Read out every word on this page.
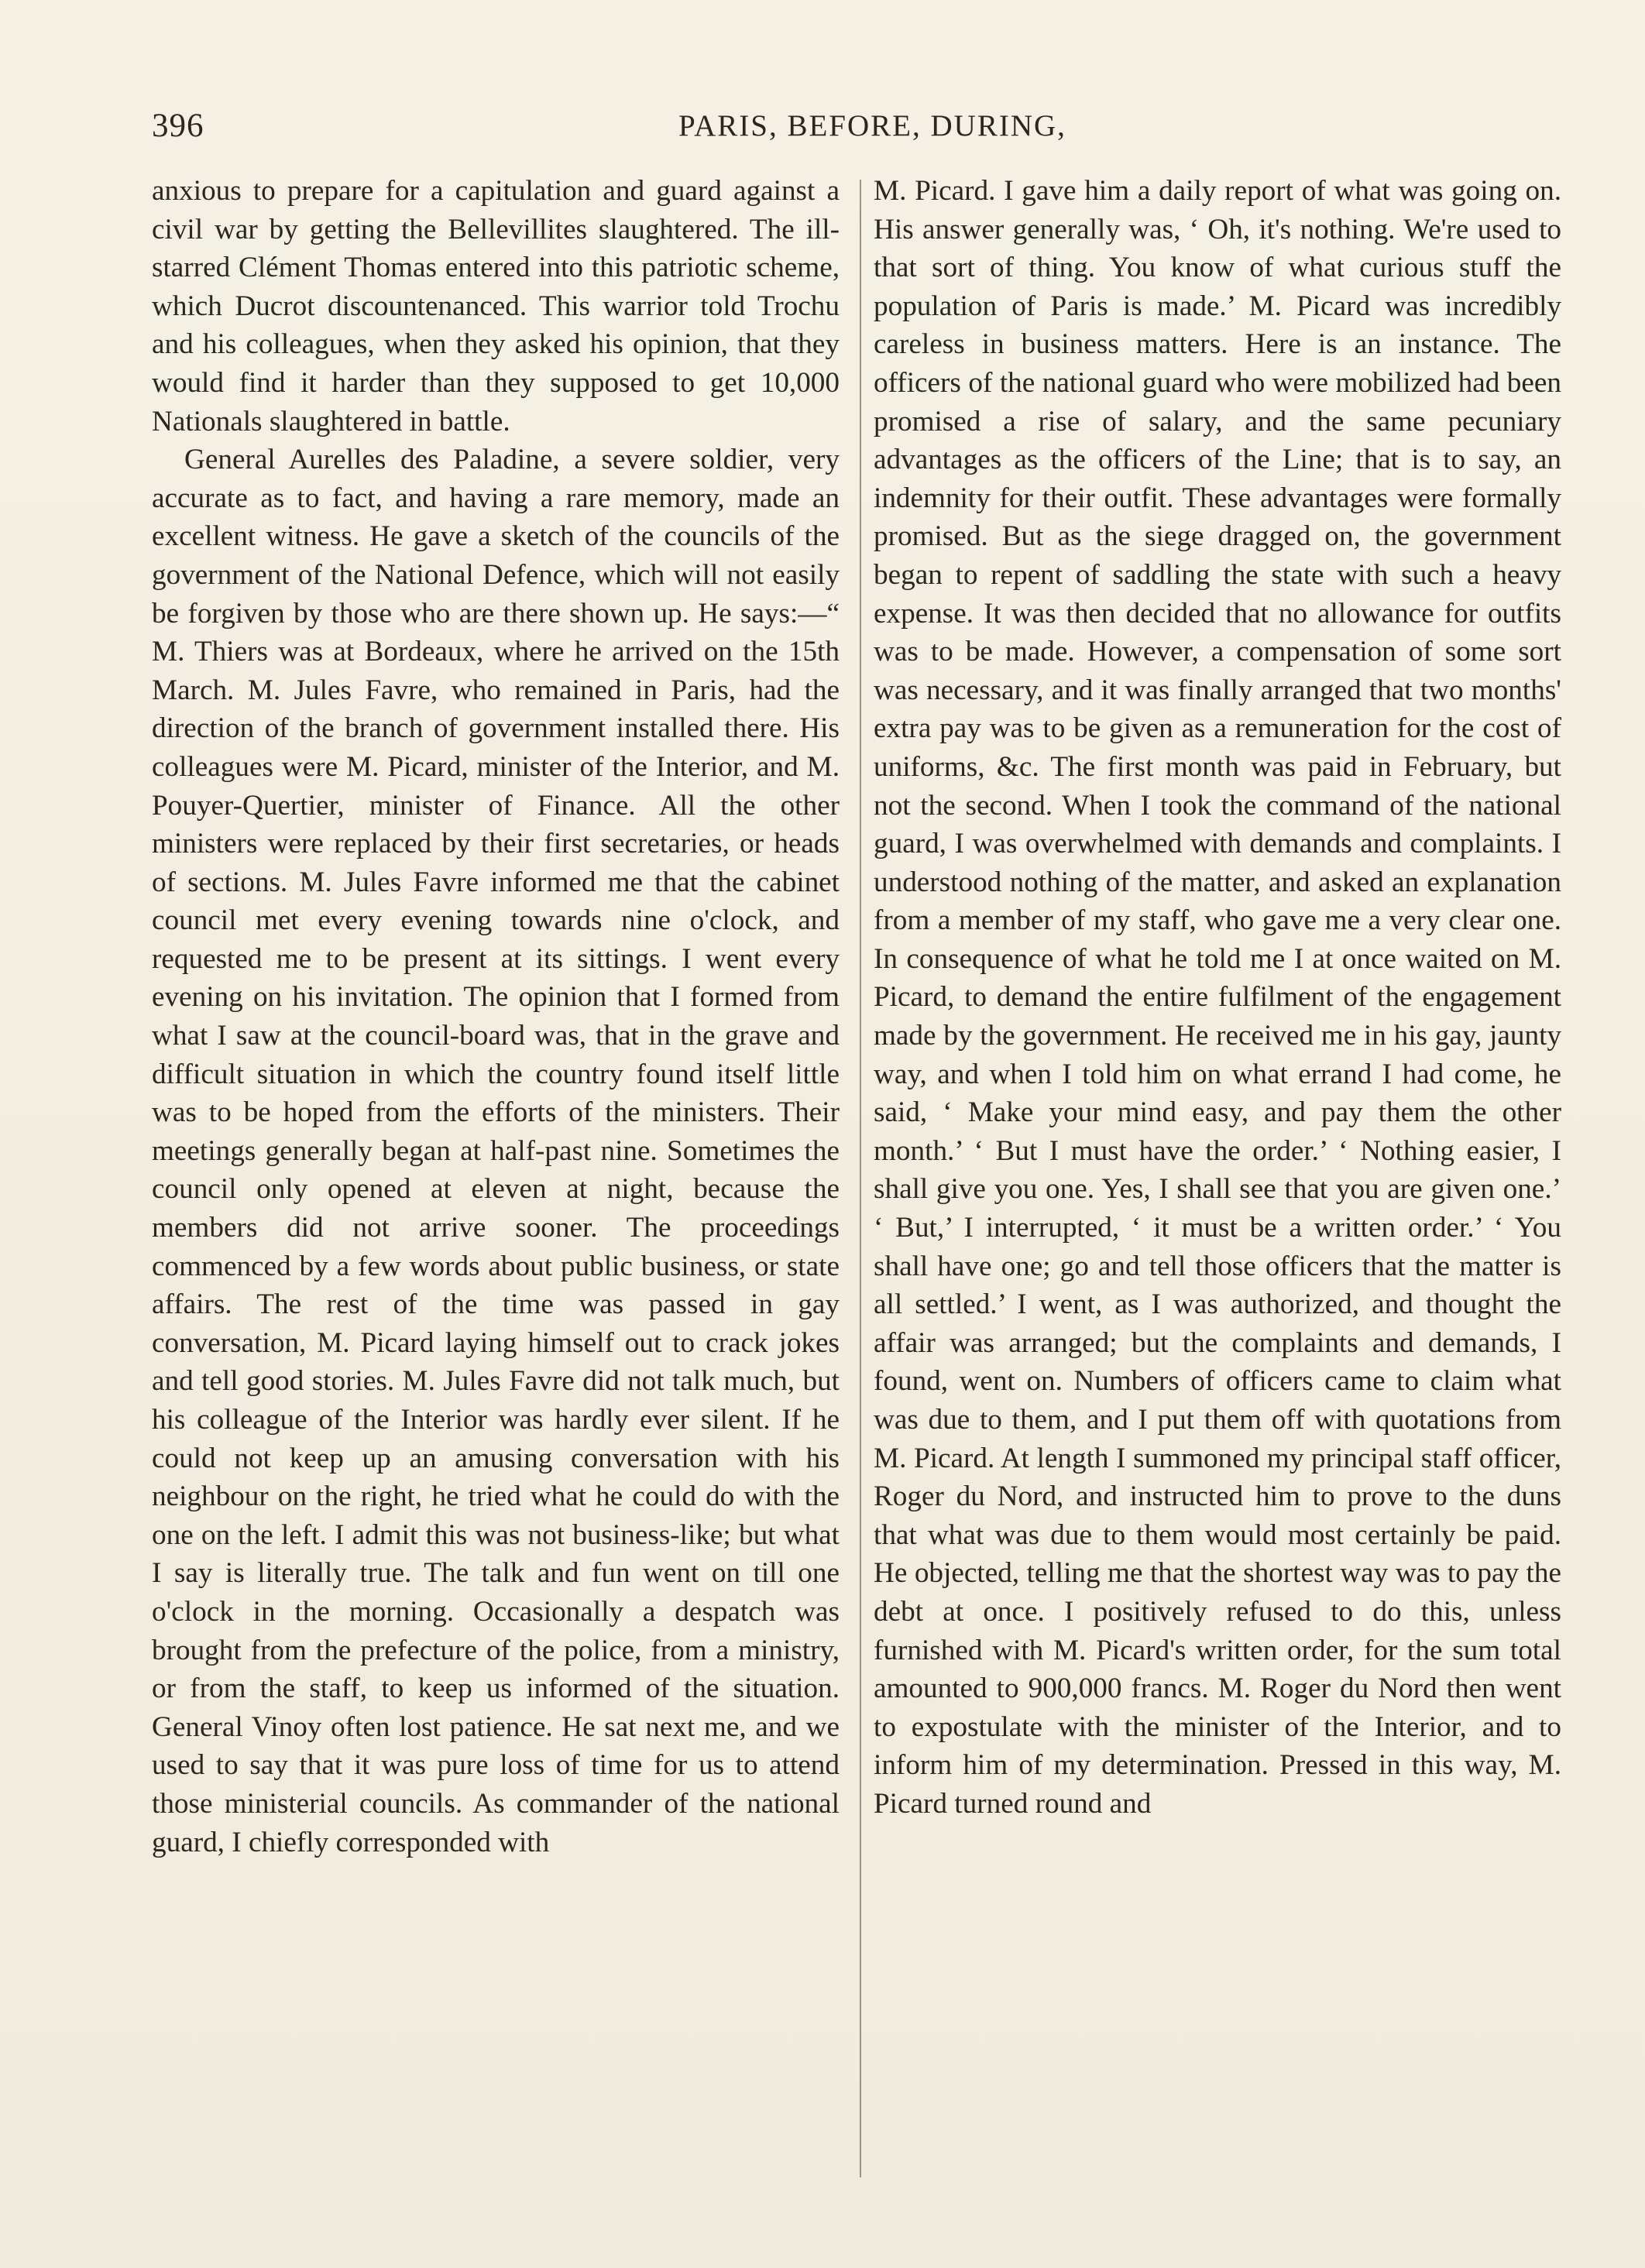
396	PARIS, BEFORE, DURING,

anxious to prepare for a capitulation and guard against a civil war by getting the Bellevillites slaughtered. The ill-starred Clément Thomas entered into this patriotic scheme, which Ducrot discountenanced. This warrior told Trochu and his colleagues, when they asked his opinion, that they would find it harder than they supposed to get 10,000 Nationals slaughtered in battle.

General Aurelles des Paladine, a severe soldier, very accurate as to fact, and having a rare memory, made an excellent witness. He gave a sketch of the councils of the government of the National Defence, which will not easily be forgiven by those who are there shown up. He says:—“ M. Thiers was at Bordeaux, where he arrived on the 15th March. M. Jules Favre, who remained in Paris, had the direction of the branch of government installed there. His colleagues were M. Picard, minister of the Interior, and M. Pouyer-Quertier, minister of Finance. All the other ministers were replaced by their first secretaries, or heads of sections. M. Jules Favre informed me that the cabinet council met every evening towards nine o'clock, and requested me to be present at its sittings. I went every evening on his invitation. The opinion that I formed from what I saw at the council-board was, that in the grave and difficult situation in which the country found itself little was to be hoped from the efforts of the ministers. Their meetings generally began at half-past nine. Sometimes the council only opened at eleven at night, because the members did not arrive sooner. The proceedings commenced by a few words about public business, or state affairs. The rest of the time was passed in gay conversation, M. Picard laying himself out to crack jokes and tell good stories. M. Jules Favre did not talk much, but his colleague of the Interior was hardly ever silent. If he could not keep up an amusing conversation with his neighbour on the right, he tried what he could do with the one on the left. I admit this was not business-like; but what I say is literally true. The talk and fun went on till one o'clock in the morning. Occasionally a despatch was brought from the prefecture of the police, from a ministry, or from the staff, to keep us informed of the situation. General Vinoy often lost patience. He sat next me, and we used to say that it was pure loss of time for us to attend those ministerial councils. As commander of the national guard, I chiefly corresponded with

M. Picard. I gave him a daily report of what was going on. His answer generally was, ‘ Oh, it's nothing. We're used to that sort of thing. You know of what curious stuff the population of Paris is made.’ M. Picard was incredibly careless in business matters. Here is an instance. The officers of the national guard who were mobilized had been promised a rise of salary, and the same pecuniary advantages as the officers of the Line; that is to say, an indemnity for their outfit. These advantages were formally promised. But as the siege dragged on, the government began to repent of saddling the state with such a heavy expense. It was then decided that no allowance for outfits was to be made. However, a compensation of some sort was necessary, and it was finally arranged that two months' extra pay was to be given as a remuneration for the cost of uniforms, &c. The first month was paid in February, but not the second. When I took the command of the national guard, I was overwhelmed with demands and complaints. I understood nothing of the matter, and asked an explanation from a member of my staff, who gave me a very clear one. In consequence of what he told me I at once waited on M. Picard, to demand the entire fulfilment of the engagement made by the government. He received me in his gay, jaunty way, and when I told him on what errand I had come, he said, ‘ Make your mind easy, and pay them the other month.’ ‘ But I must have the order.’ ‘ Nothing easier, I shall give you one. Yes, I shall see that you are given one.’ ‘ But,’ I interrupted, ‘ it must be a written order.’ ‘ You shall have one; go and tell those officers that the matter is all settled.’ I went, as I was authorized, and thought the affair was arranged; but the complaints and demands, I found, went on. Numbers of officers came to claim what was due to them, and I put them off with quotations from M. Picard. At length I summoned my principal staff officer, Roger du Nord, and instructed him to prove to the duns that what was due to them would most certainly be paid. He objected, telling me that the shortest way was to pay the debt at once. I positively refused to do this, unless furnished with M. Picard's written order, for the sum total amounted to 900,000 francs. M. Roger du Nord then went to expostulate with the minister of the Interior, and to inform him of my determination. Pressed in this way, M. Picard turned round and
